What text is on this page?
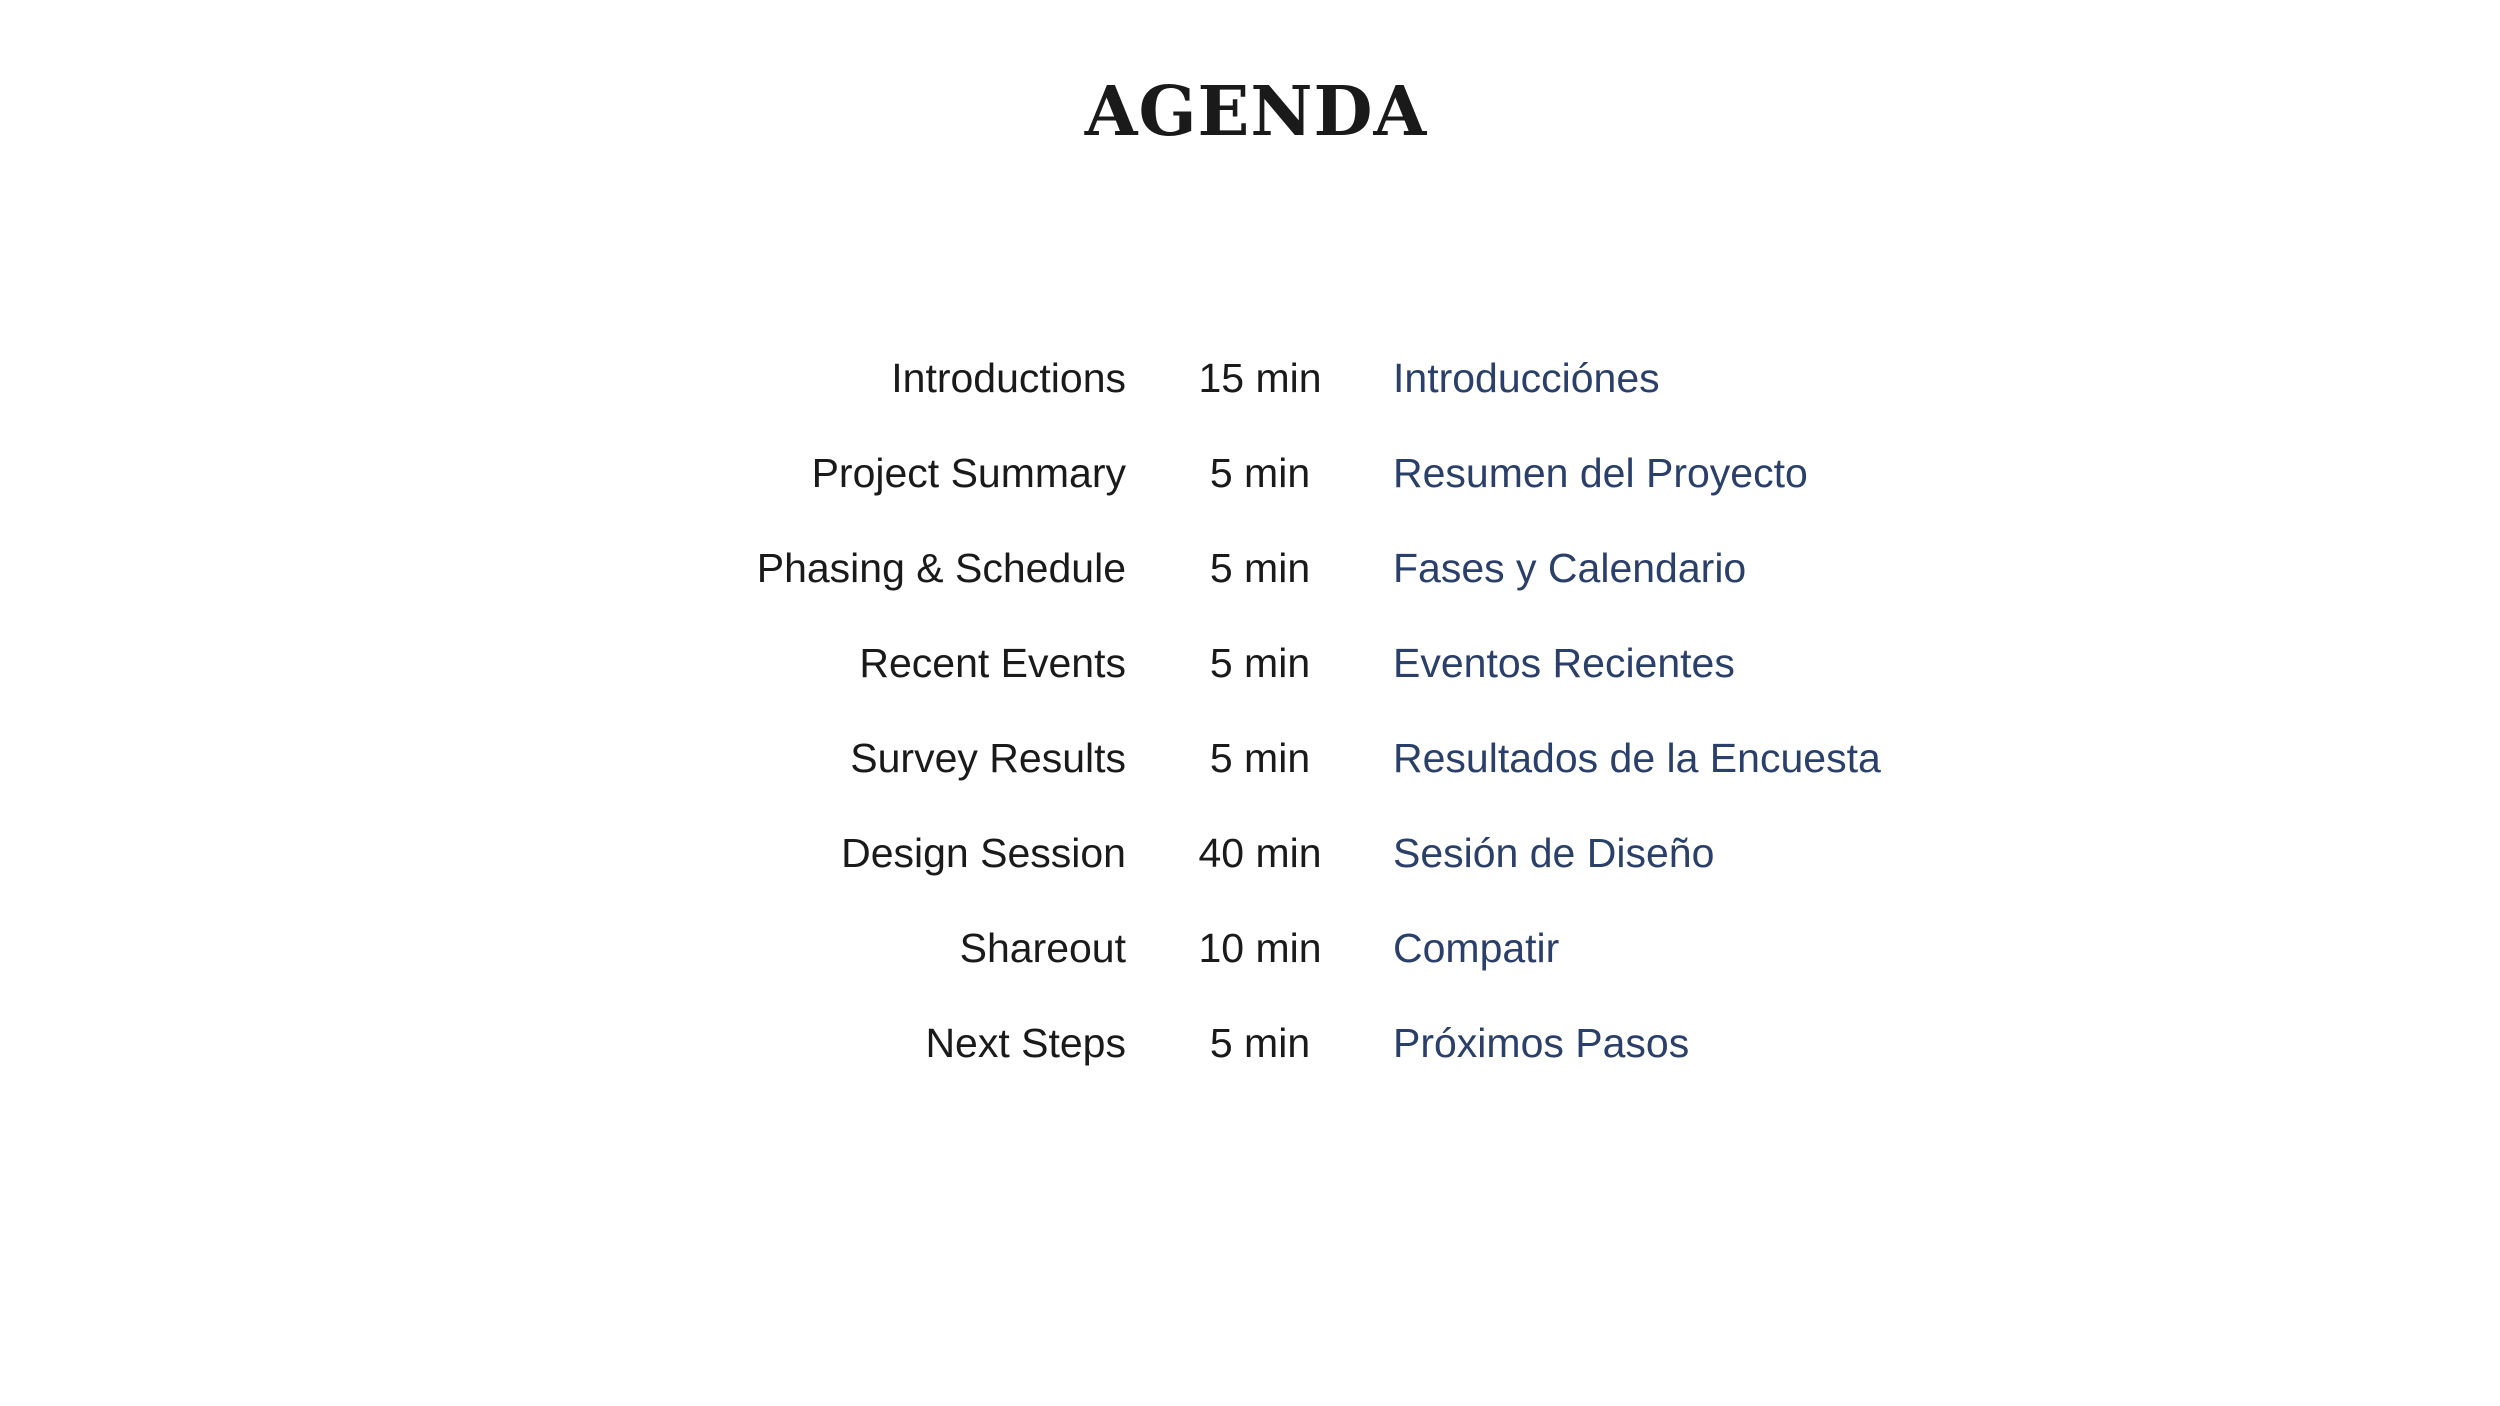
AGENDA
Introductions	15 min	Introducciónes
Project Summary	5 min	Resumen del Proyecto
Phasing & Schedule	5 min	Fases y Calendario
Recent Events	5 min	Eventos Recientes
Survey Results	5 min	Resultados de la Encuesta
Design Session	40 min	Sesión de Diseño
Shareout	10 min	Compatir
Next Steps	5 min	Próximos Pasos
